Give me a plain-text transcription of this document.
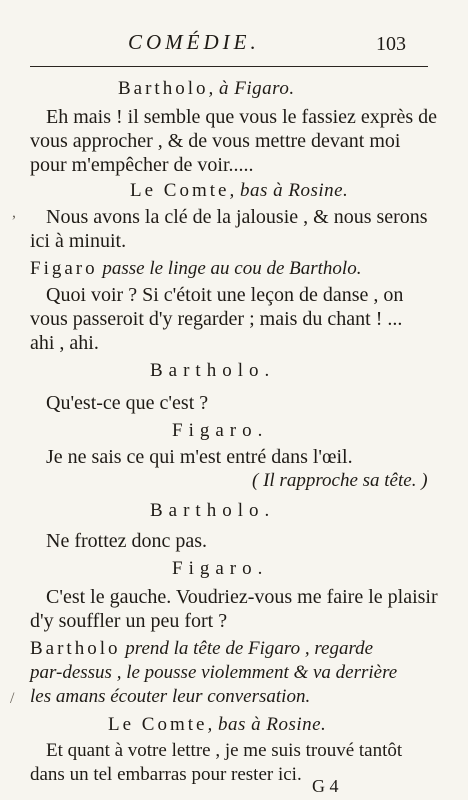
COMÉDIE.	103
Bartholo, à Figaro.
Eh mais ! il semble que vous le fassiez exprès de
vous approcher , & de vous mettre devant moi
pour m'empêcher de voir.....
Le Comte, bas à Rosine.
Nous avons la clé de la jalousie , & nous serons
ici à minuit.
Figaro passe le linge au cou de Bartholo.
Quoi voir ? Si c'étoit une leçon de danse , on
vous passeroit d'y regarder ; mais du chant ! ...
ahi , ahi.
Bartholo.
Qu'est-ce que c'est ?
Figaro.
Je ne sais ce qui m'est entré dans l'œil.
( Il rapproche sa tête. )
Bartholo.
Ne frottez donc pas.
Figaro.
C'est le gauche. Voudriez-vous me faire le plaisir
d'y souffler un peu fort ?
Bartholo prend la tête de Figaro , regarde
par-dessus , le pousse violemment & va derrière
les amans écouter leur conversation.
Le Comte, bas à Rosine.
Et quant à votre lettre , je me suis trouvé tantôt
dans un tel embarras pour rester ici.
G 4
,
/
